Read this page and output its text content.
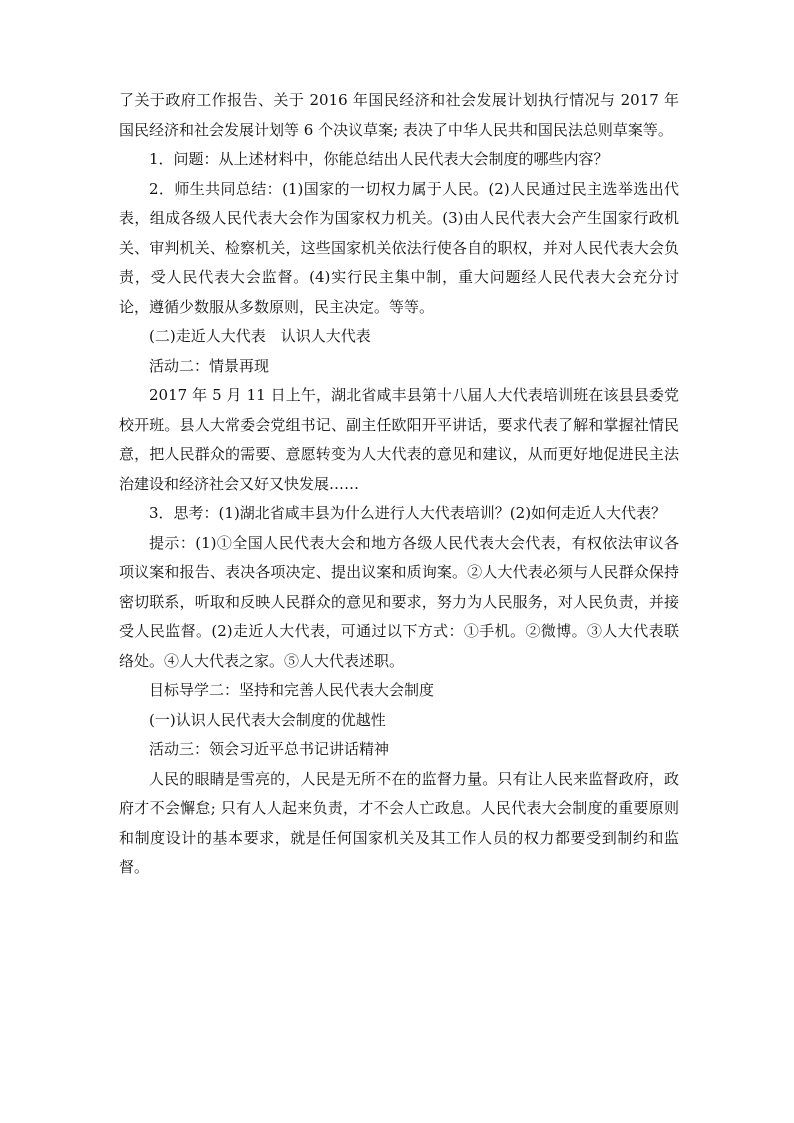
了关于政府工作报告、关于 2016 年国民经济和社会发展计划执行情况与 2017 年国民经济和社会发展计划等 6 个决议草案; 表决了中华人民共和国民法总则草案等。

1．问题：从上述材料中，你能总结出人民代表大会制度的哪些内容？

2．师生共同总结：(1)国家的一切权力属于人民。(2)人民通过民主选举选出代表，组成各级人民代表大会作为国家权力机关。(3)由人民代表大会产生国家行政机关、审判机关、检察机关，这些国家机关依法行使各自的职权，并对人民代表大会负责，受人民代表大会监督。(4)实行民主集中制，重大问题经人民代表大会充分讨论，遵循少数服从多数原则，民主决定。等等。

(二)走近人大代表　认识人大代表

活动二：情景再现

2017 年 5 月 11 日上午，湖北省咸丰县第十八届人大代表培训班在该县县委党校开班。县人大常委会党组书记、副主任欧阳开平讲话，要求代表了解和掌握社情民意，把人民群众的需要、意愿转变为人大代表的意见和建议，从而更好地促进民主法治建设和经济社会又好又快发展……

3．思考：(1)湖北省咸丰县为什么进行人大代表培训？(2)如何走近人大代表？

提示：(1)①全国人民代表大会和地方各级人民代表大会代表，有权依法审议各项议案和报告、表决各项决定、提出议案和质询案。②人大代表必须与人民群众保持密切联系，听取和反映人民群众的意见和要求，努力为人民服务，对人民负责，并接受人民监督。(2)走近人大代表，可通过以下方式：①手机。②微博。③人大代表联络处。④人大代表之家。⑤人大代表述职。

目标导学二：坚持和完善人民代表大会制度

(一)认识人民代表大会制度的优越性

活动三：领会习近平总书记讲话精神

人民的眼睛是雪亮的，人民是无所不在的监督力量。只有让人民来监督政府，政府才不会懈怠; 只有人人起来负责，才不会人亡政息。人民代表大会制度的重要原则和制度设计的基本要求，就是任何国家机关及其工作人员的权力都要受到制约和监督。
